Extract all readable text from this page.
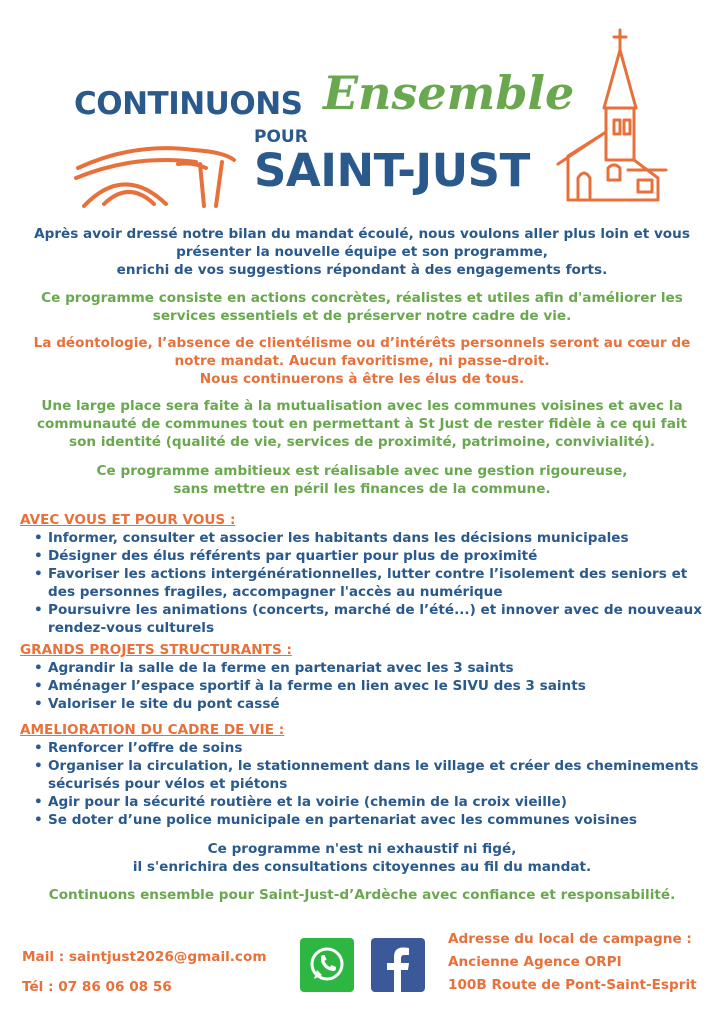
CONTINUONS Ensemble
POUR
SAINT-JUST
Après avoir dressé notre bilan du mandat écoulé, nous voulons aller plus loin et vous
présenter la nouvelle équipe et son programme,
enrichi de vos suggestions répondant à des engagements forts.
Ce programme consiste en actions concrètes, réalistes et utiles afin d'améliorer les
services essentiels et de préserver notre cadre de vie.
La déontologie, l’absence de clientélisme ou d’intérêts personnels seront au cœur de
notre mandat. Aucun favoritisme, ni passe-droit.
Nous continuerons à être les élus de tous.
Une large place sera faite à la mutualisation avec les communes voisines et avec la
communauté de communes tout en permettant à St Just de rester fidèle à ce qui fait
son identité (qualité de vie, services de proximité, patrimoine, convivialité).
Ce programme ambitieux est réalisable avec une gestion rigoureuse,
sans mettre en péril les finances de la commune.
AVEC VOUS ET POUR VOUS :
• Informer, consulter et associer les habitants dans les décisions municipales
• Désigner des élus référents par quartier pour plus de proximité
• Favoriser les actions intergénérationnelles, lutter contre l’isolement des seniors et
des personnes fragiles, accompagner l'accès au numérique
• Poursuivre les animations (concerts, marché de l’été...) et innover avec de nouveaux
rendez-vous culturels
GRANDS PROJETS STRUCTURANTS :
• Agrandir la salle de la ferme en partenariat avec les 3 saints
• Aménager l’espace sportif à la ferme en lien avec le SIVU des 3 saints
• Valoriser le site du pont cassé
AMELIORATION DU CADRE DE VIE :
• Renforcer l’offre de soins
• Organiser la circulation, le stationnement dans le village et créer des cheminements
sécurisés pour vélos et piétons
• Agir pour la sécurité routière et la voirie (chemin de la croix vieille)
• Se doter d’une police municipale en partenariat avec les communes voisines
Ce programme n'est ni exhaustif ni figé,
il s'enrichira des consultations citoyennes au fil du mandat.
Continuons ensemble pour Saint-Just-d’Ardèche avec confiance et responsabilité.
Mail : saintjust2026@gmail.com
Tél : 07 86 06 08 56
Adresse du local de campagne :
Ancienne Agence ORPI
100B Route de Pont-Saint-Esprit
